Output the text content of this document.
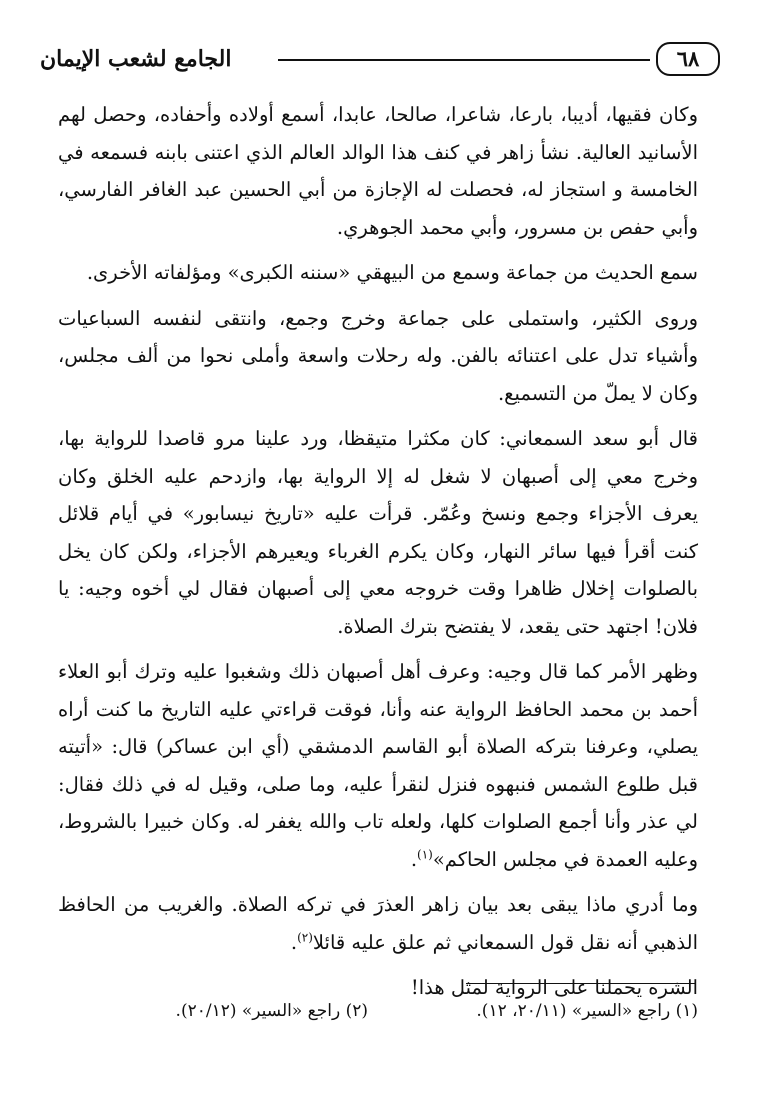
٦٨
الجامع لشعب الإيمان

وكان فقيها، أديبا، بارعا، شاعرا، صالحا، عابدا، أسمع أولاده وأحفاده، وحصل لهم الأسانيد العالية. نشأ زاهر في كنف هذا الوالد العالم الذي اعتنى بابنه فسمعه في الخامسة و استجاز له، فحصلت له الإجازة من أبي الحسين عبد الغافر الفارسي، وأبي حفص بن مسرور، وأبي محمد الجوهري.

سمع الحديث من جماعة وسمع من البيهقي «سننه الكبرى» ومؤلفاته الأخرى.

وروى الكثير، واستملى على جماعة وخرج وجمع، وانتقى لنفسه السباعيات وأشياء تدل على اعتنائه بالفن. وله رحلات واسعة وأملى نحوا من ألف مجلس، وكان لا يملّ من التسميع.

قال أبو سعد السمعاني: كان مكثرا متيقظا، ورد علينا مرو قاصدا للرواية بها، وخرج معي إلى أصبهان لا شغل له إلا الرواية بها، وازدحم عليه الخلق وكان يعرف الأجزاء وجمع ونسخ وعُمّر. قرأت عليه «تاريخ نيسابور» في أيام قلائل كنت أقرأ فيها سائر النهار، وكان يكرم الغرباء ويعيرهم الأجزاء، ولكن كان يخل بالصلوات إخلال ظاهرا وقت خروجه معي إلى أصبهان فقال لي أخوه وجيه: يا فلان! اجتهد حتى يقعد، لا يفتضح بترك الصلاة.

وظهر الأمر كما قال وجيه: وعرف أهل أصبهان ذلك وشغبوا عليه وترك أبو العلاء أحمد بن محمد الحافظ الرواية عنه وأنا، فوقت قراءتي عليه التاريخ ما كنت أراه يصلي، وعرفنا بتركه الصلاة أبو القاسم الدمشقي (أي ابن عساكر) قال: «أتيته قبل طلوع الشمس فنبهوه فنزل لنقرأ عليه، وما صلى، وقيل له في ذلك فقال: لي عذر وأنا أجمع الصلوات كلها، ولعله تاب والله يغفر له. وكان خبيرا بالشروط، وعليه العمدة في مجلس الحاكم»$^{(١)}$.

وما أدري ماذا يبقى بعد بيان زاهر العذرَ في تركه الصلاة. والغريب من الحافظ الذهبي أنه نقل قول السمعاني ثم علق عليه قائلا$^{(٢)}$.

الشره يحملنا على الرواية لمثل هذا!

(١) راجع «السير» (٢٠/١١، ١٢).
(٢) راجع «السير» (٢٠/١٢).
